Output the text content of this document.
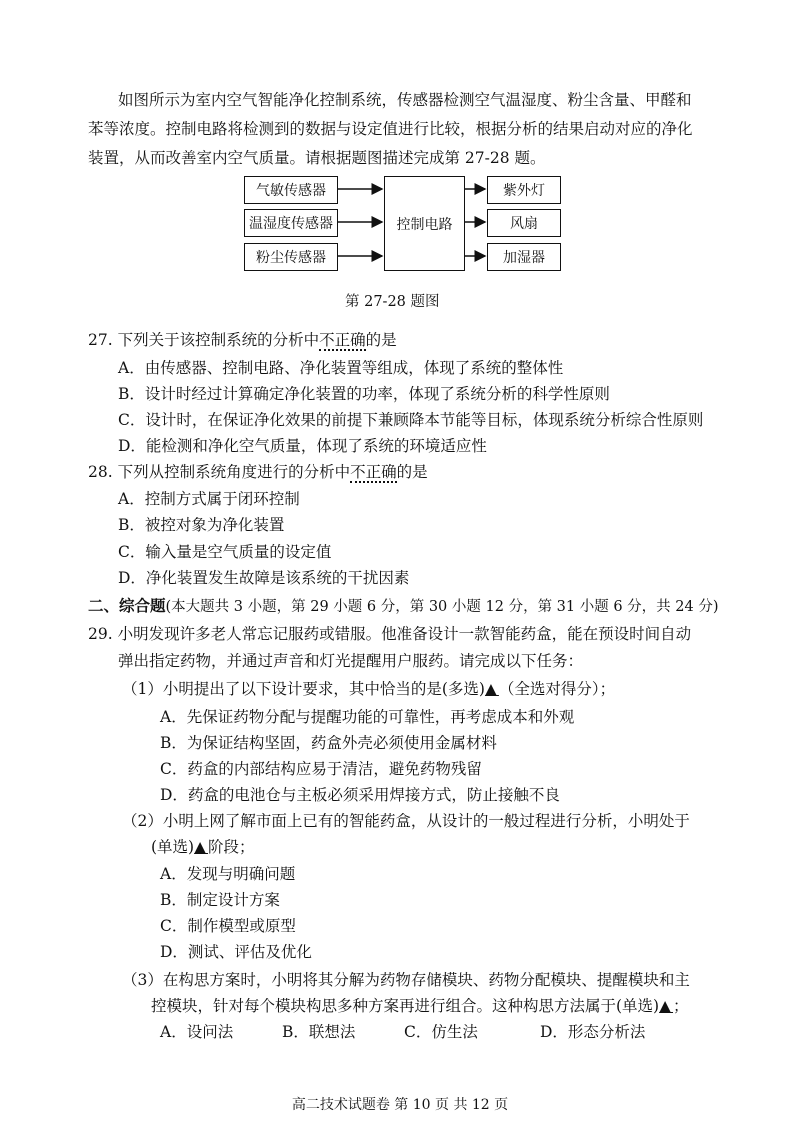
如图所示为室内空气智能净化控制系统，传感器检测空气温湿度、粉尘含量、甲醛和
苯等浓度。控制电路将检测到的数据与设定值进行比较，根据分析的结果启动对应的净化
装置，从而改善室内空气质量。请根据题图描述完成第 27-28 题。
气敏传感器
温湿度传感器
粉尘传感器
控制电路
紫外灯
风扇
加湿器
第 27-28 题图
27. 下列关于该控制系统的分析中不正确的是
A．由传感器、控制电路、净化装置等组成，体现了系统的整体性
B．设计时经过计算确定净化装置的功率，体现了系统分析的科学性原则
C．设计时，在保证净化效果的前提下兼顾降本节能等目标，体现系统分析综合性原则
D．能检测和净化空气质量，体现了系统的环境适应性
28. 下列从控制系统角度进行的分析中不正确的是
A．控制方式属于闭环控制
B．被控对象为净化装置
C．输入量是空气质量的设定值
D．净化装置发生故障是该系统的干扰因素
二、综合题(本大题共 3 小题，第 29 小题 6 分，第 30 小题 12 分，第 31 小题 6 分，共 24 分)
29. 小明发现许多老人常忘记服药或错服。他准备设计一款智能药盒，能在预设时间自动
弹出指定药物，并通过声音和灯光提醒用户服药。请完成以下任务：
（1）小明提出了以下设计要求，其中恰当的是(多选)▲（全选对得分）；
A．先保证药物分配与提醒功能的可靠性，再考虑成本和外观
B．为保证结构坚固，药盒外壳必须使用金属材料
C．药盒的内部结构应易于清洁，避免药物残留
D．药盒的电池仓与主板必须采用焊接方式，防止接触不良
（2）小明上网了解市面上已有的智能药盒，从设计的一般过程进行分析，小明处于
(单选)▲阶段；
A．发现与明确问题
B．制定设计方案
C．制作模型或原型
D．测试、评估及优化
（3）在构思方案时，小明将其分解为药物存储模块、药物分配模块、提醒模块和主
控模块，针对每个模块构思多种方案再进行组合。这种构思方法属于(单选)▲；
A．设问法	B．联想法	C．仿生法	D．形态分析法
高二技术试题卷 第 10 页 共 12 页
